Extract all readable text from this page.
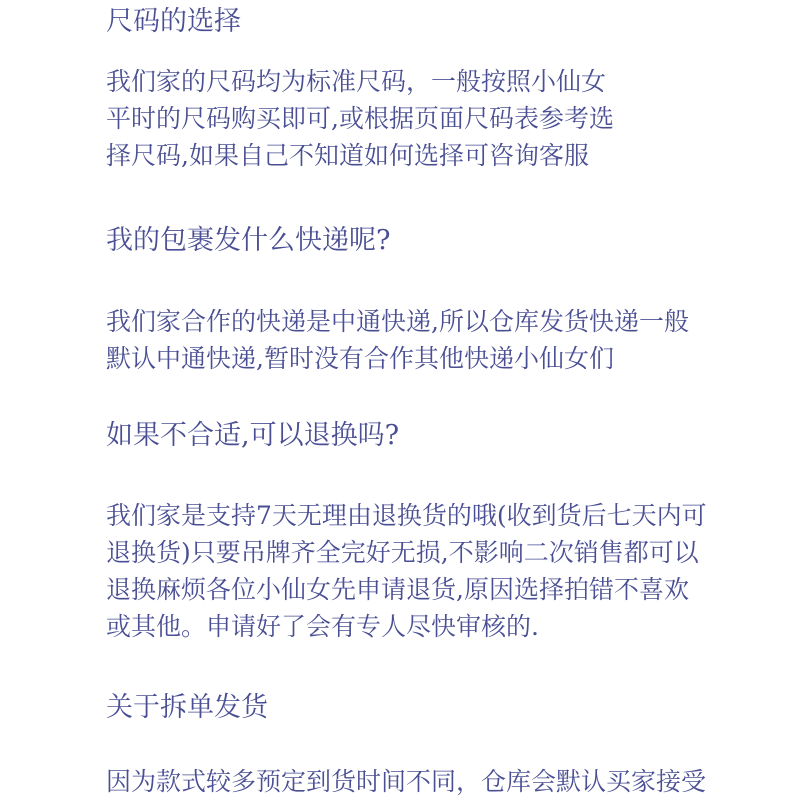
尺码的选择
我们家的尺码均为标准尺码，一般按照小仙女
平时的尺码购买即可,或根据页面尺码表参考选
择尺码,如果自己不知道如何选择可咨询客服
我的包裹发什么快递呢?
我们家合作的快递是中通快递,所以仓库发货快递一般
默认中通快递,暂时没有合作其他快递小仙女们
如果不合适,可以退换吗?
我们家是支持7天无理由退换货的哦(收到货后七天内可
退换货)只要吊牌齐全完好无损,不影响二次销售都可以
退换麻烦各位小仙女先申请退货,原因选择拍错不喜欢
或其他。申请好了会有专人尽快审核的.
关于拆单发货
因为款式较多预定到货时间不同，仓库会默认买家接受
